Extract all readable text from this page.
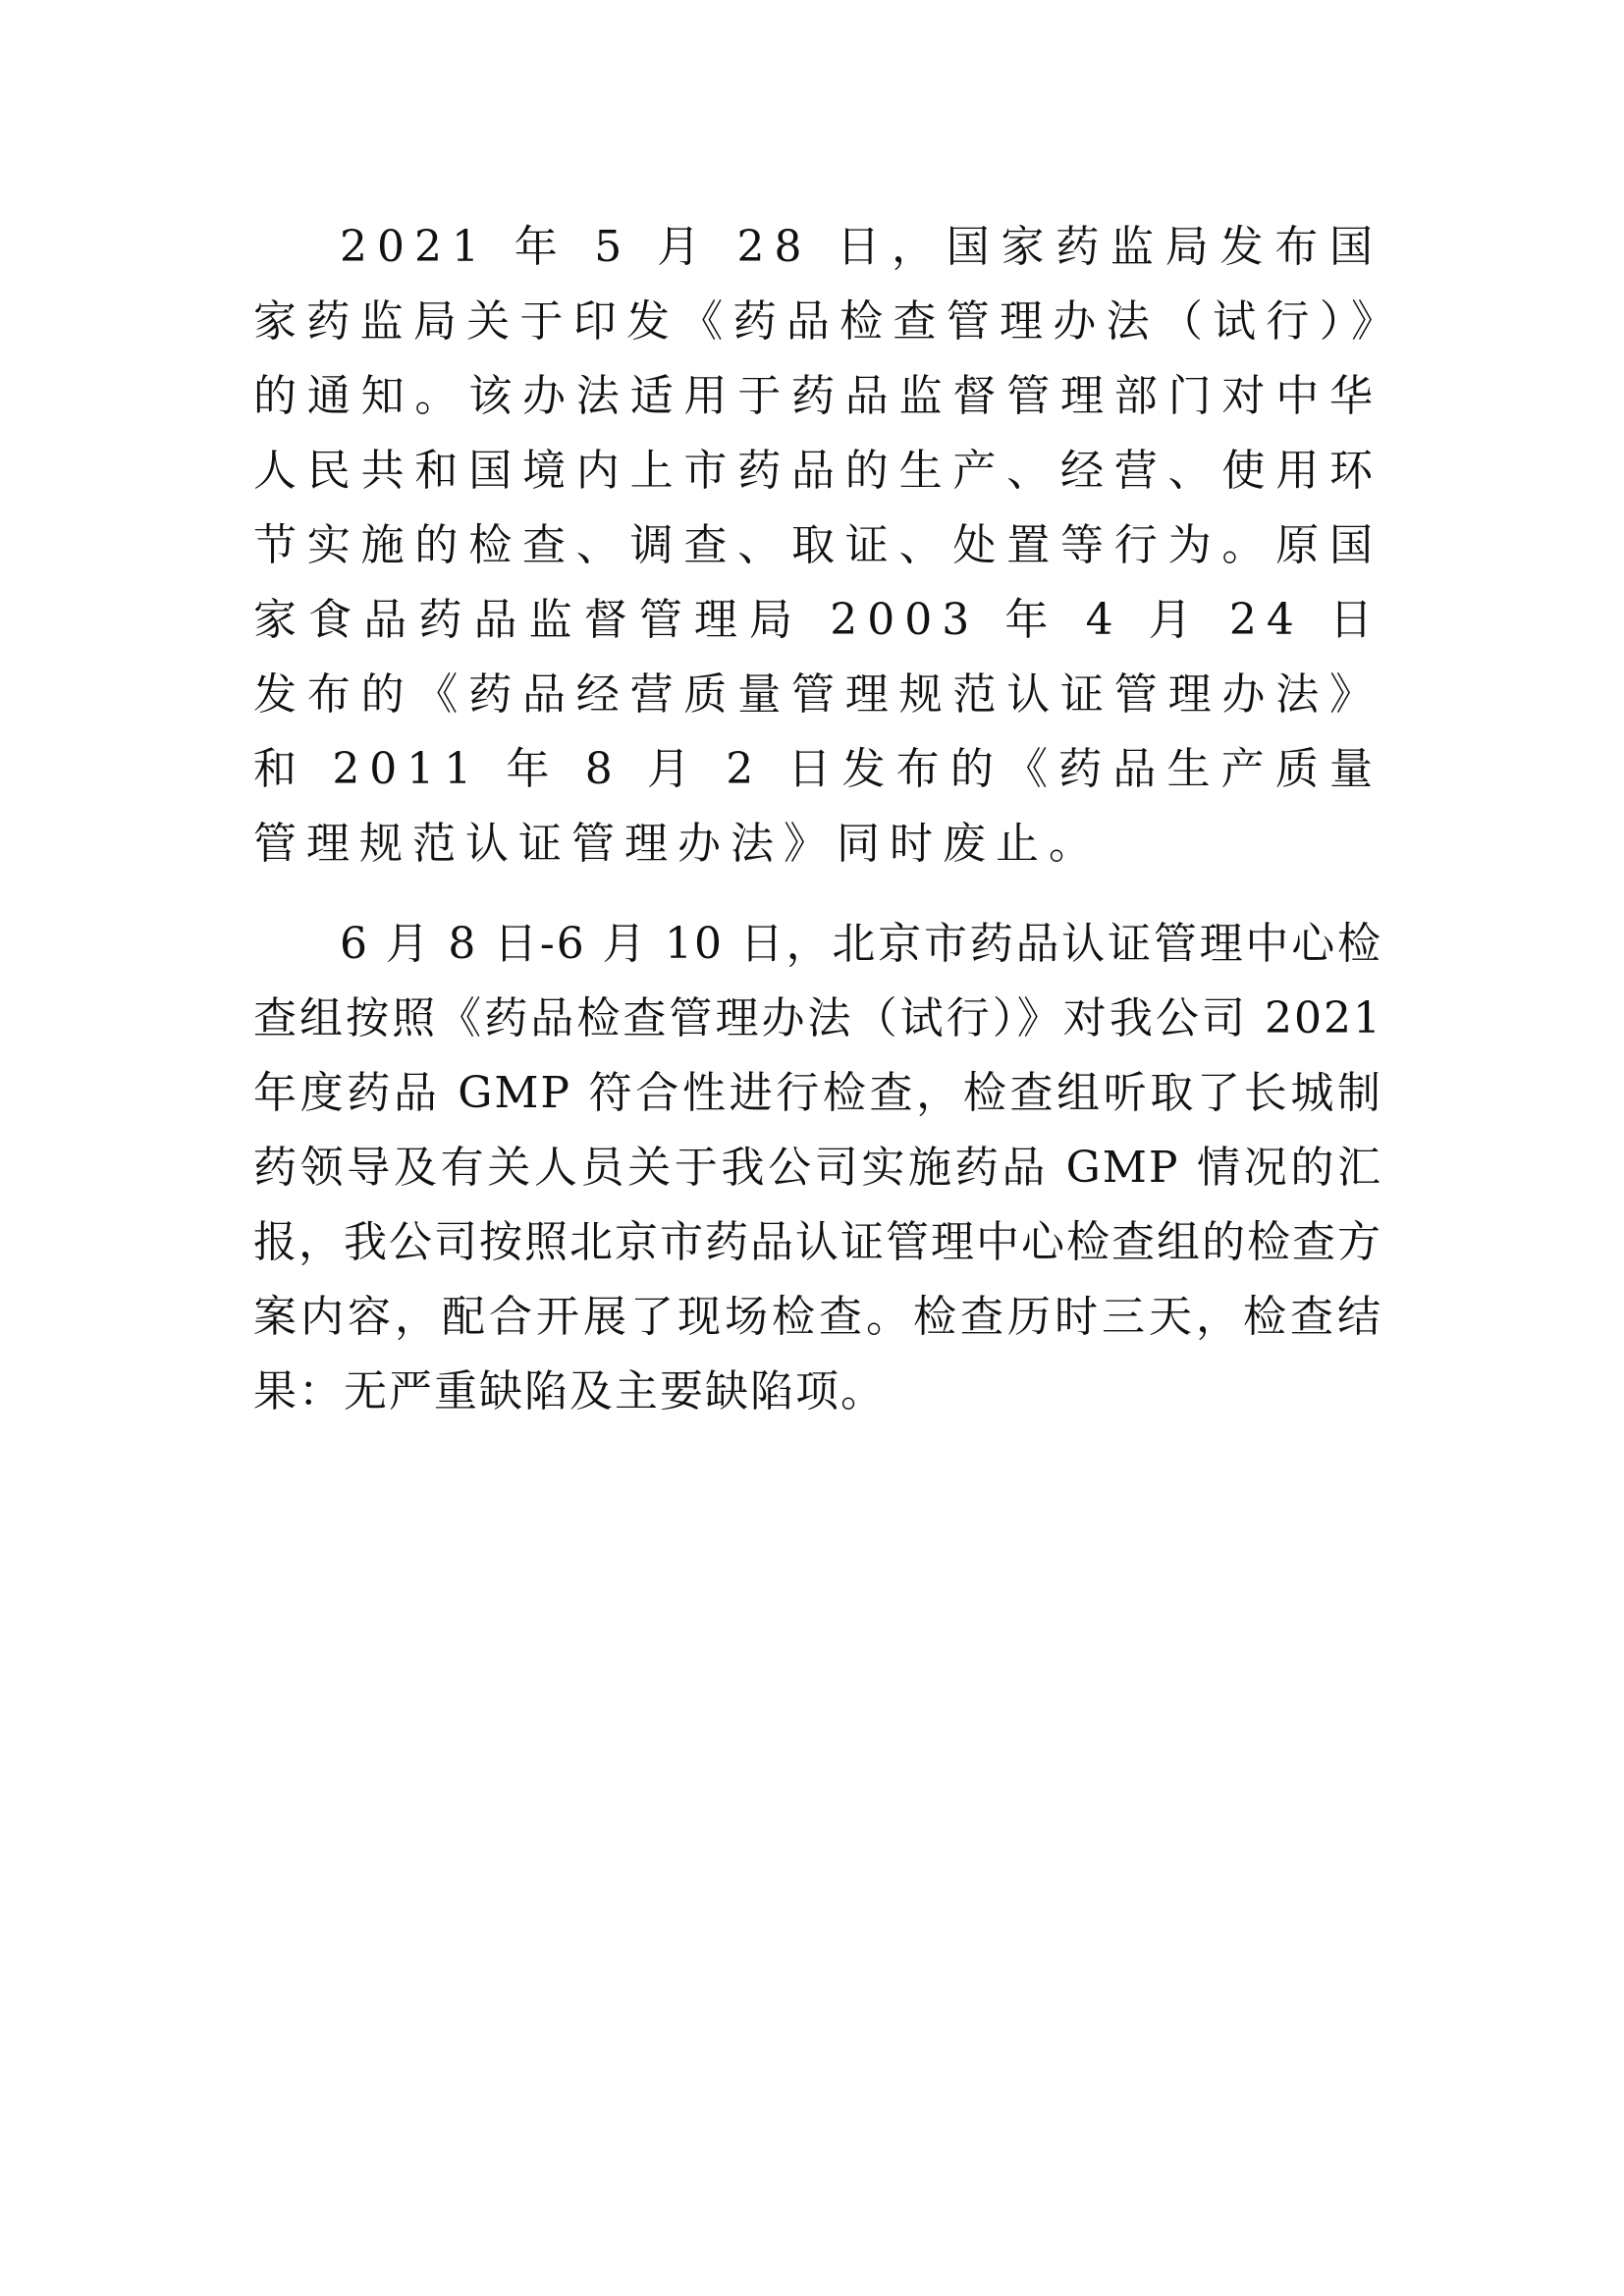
2021 年 5 月 28 日，国家药监局发布国家药监局关于印发《药品检查管理办法（试行）》的通知。该办法适用于药品监督管理部门对中华人民共和国境内上市药品的生产、经营、使用环节实施的检查、调查、取证、处置等行为。原国家食品药品监督管理局 2003 年 4 月 24 日发布的《药品经营质量管理规范认证管理办法》和 2011 年 8 月 2 日发布的《药品生产质量管理规范认证管理办法》同时废止。

6 月 8 日-6 月 10 日，北京市药品认证管理中心检查组按照《药品检查管理办法（试行）》对我公司 2021 年度药品 GMP 符合性进行检查，检查组听取了长城制药领导及有关人员关于我公司实施药品 GMP 情况的汇报，我公司按照北京市药品认证管理中心检查组的检查方案内容，配合开展了现场检查。检查历时三天，检查结果：无严重缺陷及主要缺陷项。
